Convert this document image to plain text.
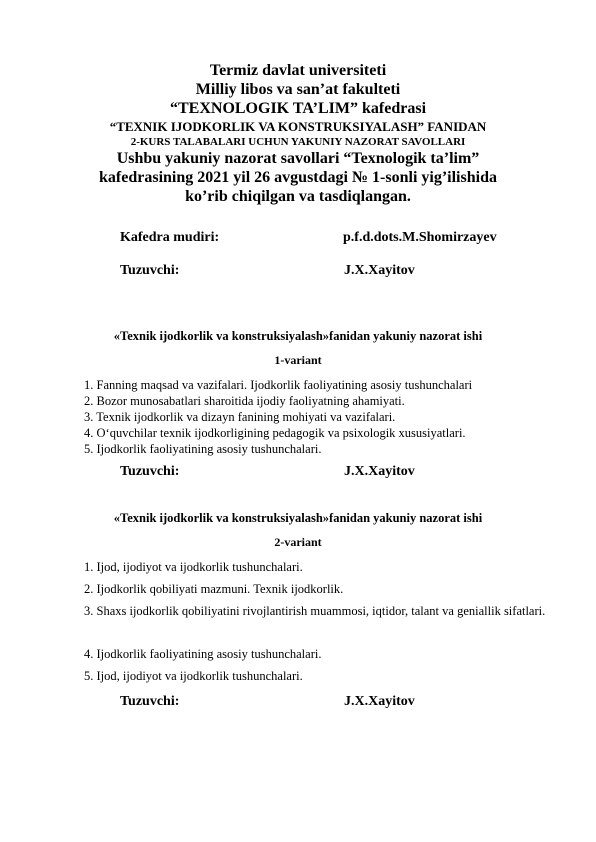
Termiz davlat universiteti
Milliy libos va san’at fakulteti
“TEXNOLOGIK TA’LIM” kafedrasi
“TEXNIK IJODKORLIK VA KONSTRUKSIYALASH” FANIDAN
2-KURS TALABALARI UCHUN YAKUNIY NAZORAT SAVOLLARI
Ushbu yakuniy nazorat savollari “Texnologik ta’lim”
kafedrasining 2021 yil 26 avgustdagi № 1-sonli yig’ilishida
ko’rib chiqilgan va tasdiqlangan.
Kafedra mudiri:	p.f.d.dots.M.Shomirzayev
Tuzuvchi:	J.X.Xayitov
«Texnik ijodkorlik va konstruksiyalash»fanidan yakuniy nazorat ishi
1-variant
1. Fanning maqsad va vazifalari. Ijodkorlik faoliyatining asosiy tushunchalari
2. Bozor munosabatlari sharoitida ijodiy faoliyatning ahamiyati.
3. Texnik ijodkorlik va dizayn fanining mohiyati va vazifalari.
4. O‘quvchilar texnik ijodkorligining pedagogik va psixologik xususiyatlari.
5. Ijodkorlik faoliyatining asosiy tushunchalari.
Tuzuvchi:	J.X.Xayitov
«Texnik ijodkorlik va konstruksiyalash»fanidan yakuniy nazorat ishi
2-variant
1. Ijod, ijodiyot va ijodkorlik tushunchalari.
2. Ijodkorlik qobiliyati mazmuni. Texnik ijodkorlik.
3. Shaxs ijodkorlik qobiliyatini rivojlantirish muammosi, iqtidor, talant va geniallik sifatlari.
4. Ijodkorlik faoliyatining asosiy tushunchalari.
5. Ijod, ijodiyot va ijodkorlik tushunchalari.
Tuzuvchi:	J.X.Xayitov
